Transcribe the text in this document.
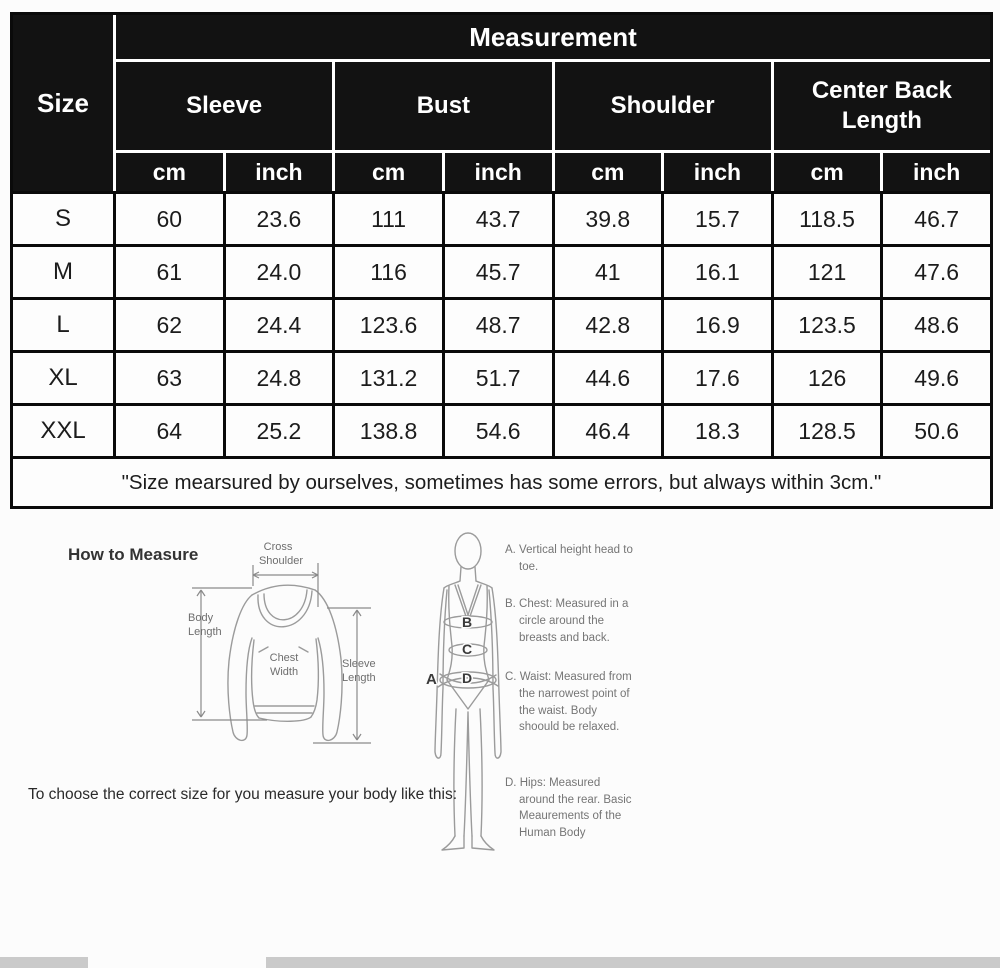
Size
Measurement
Sleeve	Bust	Shoulder
Center Back Length
cm	inch	cm	inch	cm	inch	cm	inch
S	60	23.6	111	43.7	39.8	15.7	118.5	46.7
M	61	24.0	116	45.7	41	16.1	121	47.6
L	62	24.4	123.6	48.7	42.8	16.9	123.5	48.6
XL	63	24.8	131.2	51.7	44.6	17.6	126	49.6
XXL	64	25.2	138.8	54.6	46.4	18.3	128.5	50.6
"Size mearsured by ourselves, sometimes has some errors, but always within 3cm."
How to Measure	Cross
Shoulder
Body
Length
Chest
Width
Sleeve
Length	A
B
C
D

A. Vertical height head to toe.

B. Chest: Measured in a circle around the breasts and back.

C. Waist: Measured from the narrowest point of the waist. Body shoould be relaxed.

D. Hips: Measured around the rear. Basic Meaurements of the Human Body

To choose the correct size for you measure your body like this:
